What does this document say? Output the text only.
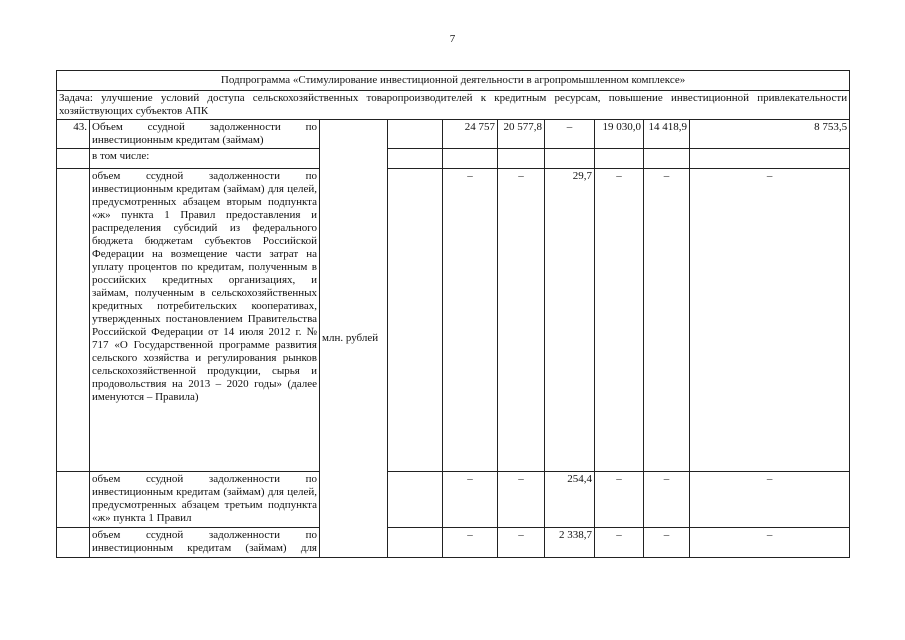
7
Подпрограмма «Стимулирование инвестиционной деятельности в агропромышленном комплексе»										
Задача: улучшение условий доступа сельскохозяйственных товаропроизводителей к кредитным ресурсам, повышение инвестиционной привлекательности хозяйствующих субъектов АПК										
43.	Объем ссудной задолженности по инвестиционным кредитам (займам)	млн. рублей		24 757	20 577,8	–	19 030,0	14 418,9	8 753,5	
	в том числе:									
	объем ссудной задолженности по инвестиционным кредитам (займам) для целей, предусмотренных абзацем вторым подпункта «ж» пункта 1 Правил предоставления и распределения субсидий из федерального бюджета бюджетам субъектов Российской Федерации на возмещение части затрат на уплату процентов по кредитам, полученным в российских кредитных организациях, и займам, полученным в сельскохозяйственных кредитных потребительских кооперативах, утвержденных постановлением Правительства Российской Федерации от 14 июля 2012 г. № 717 «О Государственной программе развития сельского хозяйства и регулирования рынков сельскохозяйственной продукции, сырья и продовольствия на 2013 – 2020 годы» (далее именуются – Правила)			–	–	29,7	–	–	–	
	объем ссудной задолженности по инвестиционным кредитам (займам) для целей, предусмотренных абзацем третьим подпункта «ж» пункта 1 Правил			–	–	254,4	–	–	–	
	объем ссудной задолженности по инвестиционным кредитам (займам) для			–	–	2 338,7	–	–	–	
